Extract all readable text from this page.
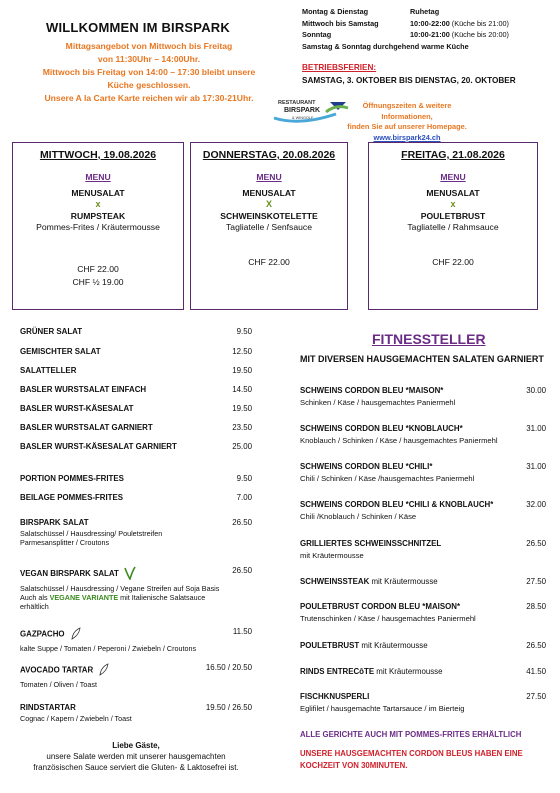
WILLKOMMEN IM BIRSPARK
Mittagsangebot von Mittwoch bis Freitag
von 11:30Uhr – 14:00Uhr.
Mittwoch bis Freitag von 14:00 – 17:30 bleibt unsere
Küche geschlossen.
Unsere A la Carte Karte reichen wir ab 17:30-21Uhr.
Montag & Dienstag	Ruhetag
Mittwoch bis Samstag	10:00-22:00 (Küche bis 21:00)
Sonntag	10:00-21:00 (Küche bis 20:00)
Samstag & Sonntag durchgehend warme Küche
BETRIEBSFERIEN:
SAMSTAG, 3. OKTOBER BIS DIENSTAG, 20. OKTOBER
RESTAURANT
BIRSPARK
& WINGOLF
Öffnungszeiten & weitere Informationen,
finden Sie auf unserer Homepage.
www.birspark24.ch
MITTWOCH, 19.08.2026
MENU
MENUSALAT
x
RUMPSTEAK
Pommes-Frites / Kräutermousse
CHF 22.00
CHF ½ 19.00
DONNERSTAG, 20.08.2026
MENU
MENUSALAT
X
SCHWEINSKOTELETTE
Tagliatelle / Senfsauce
CHF 22.00
FREITAG, 21.08.2026
MENU
MENUSALAT
x
POULETBRUST
Tagliatelle / Rahmsauce
CHF 22.00
GRÜNER SALAT	9.50
GEMISCHTER SALAT	12.50
SALATTELLER	19.50
BASLER WURSTSALAT EINFACH	14.50
BASLER WURST-KÄSESALAT	19.50
BASLER WURSTSALAT GARNIERT	23.50
BASLER WURST-KÄSESALAT GARNIERT	25.00
PORTION POMMES-FRITES	9.50
BEILAGE POMMES-FRITES	7.00
BIRSPARK SALAT	26.50
Salatschüssel / Hausdressing/ Pouletstreifen
Parmesansplitter / Croutons
VEGAN BIRSPARK SALAT	26.50
Salatschüssel / Hausdressing / Vegane Streifen auf Soja Basis
Auch als VEGANE VARIANTE mit Italienische Salatsauce
erhältlich
GAZPACHO	11.50
kalte Suppe / Tomaten / Peperoni / Zwiebeln / Croutons
AVOCADO TARTAR	16.50 / 20.50
Tomaten / Oliven / Toast
RINDSTARTAR	19.50 / 26.50
Cognac / Kapern / Zwiebeln / Toast
Liebe Gäste,
unsere Salate werden mit unserer hausgemachten
französischen Sauce serviert die Gluten- & Laktosefrei ist.
FITNESSTELLER
MIT DIVERSEN HAUSGEMACHTEN SALATEN GARNIERT
SCHWEINS CORDON BLEU *MAISON*	30.00
Schinken / Käse / hausgemachtes Paniermehl
SCHWEINS CORDON BLEU *KNOBLAUCH*	31.00
Knoblauch / Schinken / Käse / hausgemachtes Paniermehl
SCHWEINS CORDON BLEU *CHILI*	31.00
Chili / Schinken / Käse /hausgemachtes Paniermehl
SCHWEINS CORDON BLEU *CHILI & KNOBLAUCH*	32.00
Chili /Knoblauch / Schinken / Käse
GRILLIERTES SCHWEINSSCHNITZEL	26.50
mit Kräutermousse
SCHWEINSSTEAK mit Kräutermousse	27.50
POULETBRUST CORDON BLEU *MAISON*	28.50
Trutenschinken / Käse / hausgemachtes Paniermehl
POULETBRUST mit Kräutermousse	26.50
RINDS ENTRECôTE mit Kräutermousse	41.50
FISCHKNUSPERLI	27.50
Eglifilet / hausgemachte Tartarsauce / im Bierteig
ALLE GERICHTE AUCH MIT POMMES-FRITES ERHÄLTLICH
UNSERE HAUSGEMACHTEN CORDON BLEUS HABEN EINE KOCHZEIT VON 30MINUTEN.
